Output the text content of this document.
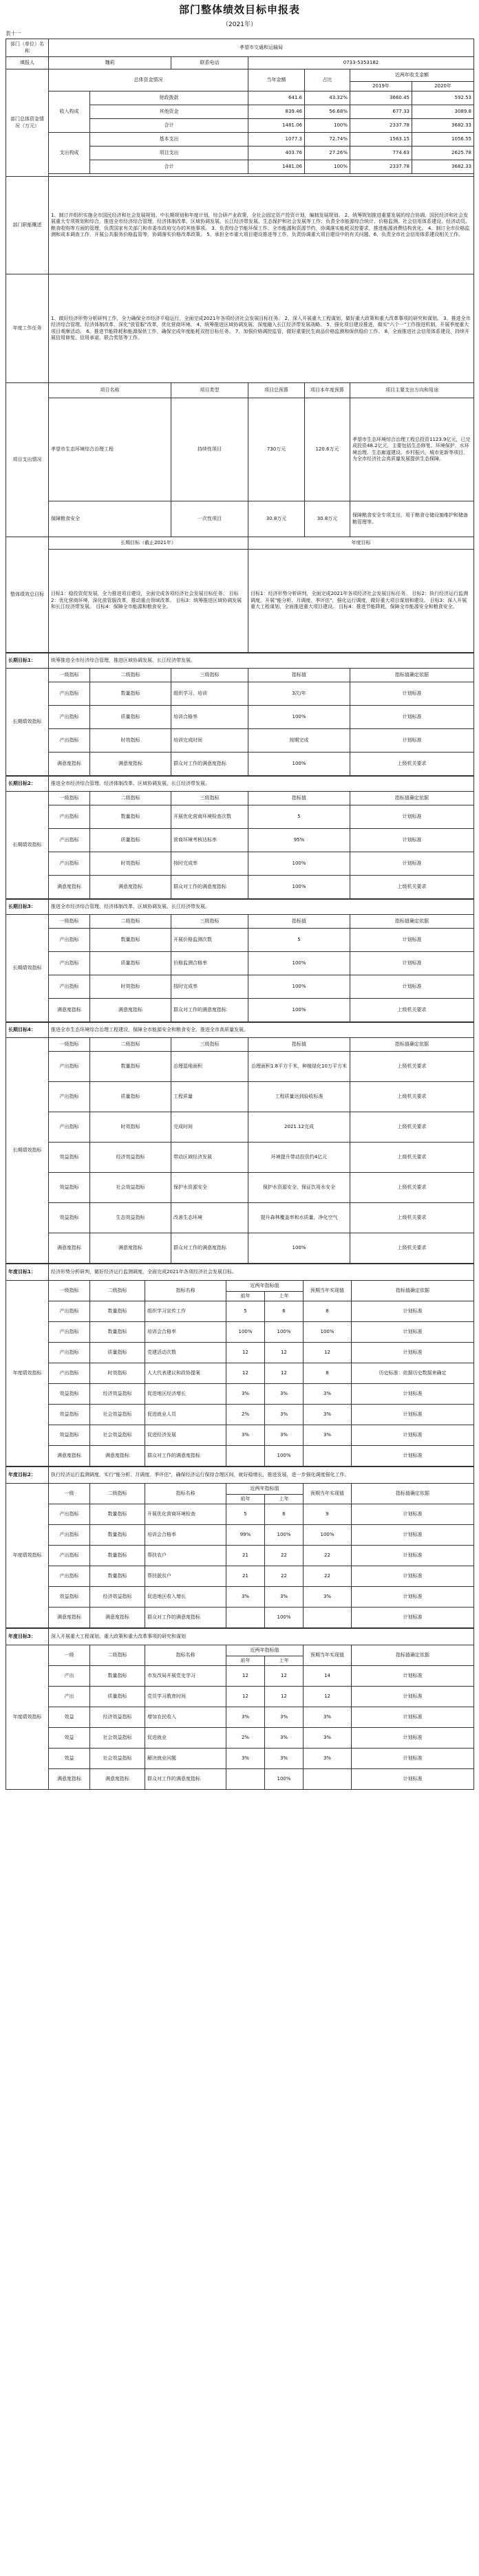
部门整体绩效目标申报表
（2021年）
表十一
部门（单位）名称	孝望市交通和运输局						
填报人	魏莉		联系电话	0733-5353182			
部门总体资金情况（万元）	总体资金情况			当年金额	占比	近两年收支金额	
						2019年	2020年
	收入构成	财政拨款		641.6	43.32%	3660.45	592.53
		其他资金		839.46	56.68%	677.33	3089.8
		合计		1481.06	100%	2337.78	3682.33
	支出构成	基本支出		1077.3	72.74%	1563.15	1056.55
		项目支出		403.76	27.26%	774.63	2625.78
		合计		1481.06	100%	2337.78	3682.33

部门职能概述	1、制订并组织实施全市国民经济和社会发展规划、中长期规划和年度计划，综合研产业政策，全社会固定资产投资计划，编制发展规划。 2、统筹规划推进重要发展的综合协调、国民经济和社会发展重大专项规划和综合，推进全市经济综合管理，经济体制改革、区域协调发展、长江经济带发展、生态保护和社会发展等工作；负责全市能源综合统计、价格监测、社会信用体系建设、经济动员、粮食收购等方面的管理，负责国家有关部门和市委市政府交办的其他事项。 3、负责综合节能环保工作、全市能源和资源节约，协调落实能耗双控要求，推进能源消费结构优化。 4、制订全市价格监测和成本调查工作，开展公共服务价格监管等，协调落实价格改革政策。 5、承担全市重大项目建设推进等工作，负责协调重大项目建设中的有关问题。6、负责全市社会信用体系建设相关工作。						
年度工作任务	1、做好经济形势分析研判工作，全力确保全市经济平稳运行，全面完成2021年各项经济社会发展目标任务。 2、深入开展重大工程谋划，做好重大政策和重大改革事项的研究和谋划。 3、推进全市经济综合管理、经济体制改革，深化"放管服"改革，优化营商环境。 4、统筹推进区域协调发展，深度融入长江经济带发展战略。 5、强化项目建设推进，做实"六个一"工作推进机制，开展季度重大项目观摩活动。 6、推进节能降耗和能源保供工作，确保完成年度能耗双控目标任务。 7、加强价格调控监管，做好重要民生商品价格监测和保供稳价工作。 8、全面推进社会信用体系建设，持续开展信用修复、信用承诺、联合奖惩等工作。						
项目支出情况	项目名称		项目类型	项目总预算	项目本年度预算	项目主要支出方向和用途	
	孝望市生态环境综合治理工程		持续性项目	730万元	120.6万元	孝望市生态环境综合治理工程总投资1123.9亿元，已完成投资48.2亿元，主要包括生态修复、环境保护、水环境治理、生态廊道建设、乡村振兴、城市更新等项目，为全市经济社会高质量发展提供生态保障。	
	保障粮食安全		一次性项目	30.8万元	30.8万元	保障粮食安全专项支出，用于粮食仓储设施维护和储备粮管理等。	
整体绩效总目标	长期目标（截止2021年）			年度目标			
	目标1：稳投资促发展，全力推进项目建设，全面完成各项经济社会发展目标任务。 目标2：优化营商环境，深化放管服改革，推动重点领域改革。 目标3：统筹推进区域协调发展和长江经济带发展。 目标4：保障全市能源和粮食安全。			目标1：经济形势分析研判，全面完成2021年各项经济社会发展目标任务。 目标2：执行经济运行监测调度，开展"能分析、月调度、季评估"，强化运行调度，做好重大项目谋划和建设。 目标3：深入开展重大工程谋划，全面推进重大项目建设。 目标4：推进节能降耗，保障全市能源安全和粮食安全。			
长期目标1：	统筹推进全市经济综合管理，推进区域协调发展、长江经济带发展。				
长期绩效指标	一级指标	二级指标	三级指标	指标值	指标值确定依据
	产出指标	数量指标	组织学习、培训	3次/年	计划标准
	产出指标	质量指标	培训合格率	100%	计划标准
	产出指标	时效指标	培训完成时间	按期完成	计划标准
	满意度指标	满意度指标	群众对工作的满意度指标	100%	上级机关要求
长期目标2：	推进全市经济综合管理、经济体制改革、区域协调发展、长江经济带发展。				
长期绩效指标	一级指标	二级指标	三级指标	指标值	指标值确定依据
	产出指标	数量指标	开展优化营商环境检查次数	5	计划标准
	产出指标	质量指标	营商环境考核达标率	95%	计划标准
	产出指标	时效指标	按时完成率	100%	计划标准
	满意度指标	满意度指标	群众对工作的满意度指标	100%	上级机关要求
长期目标3：	推进全市经济综合管理、经济体制改革、区域协调发展、长江经济带发展。				
长期绩效指标	一级指标	二级指标	三级指标	指标值	指标值确定依据
	产出指标	数量指标	开展价格监测次数	5	计划标准
	产出指标	质量指标	价格监测合格率	100%	计划标准
	产出指标	时效指标	按时完成率	100%	计划标准
	满意度指标	满意度指标	群众对工作的满意度指标	100%	上级机关要求
长期目标4：	推进全市生态环境综合治理工程建设，保障全市能源安全和粮食安全，推进全市高质量发展。				
长期绩效指标	一级指标	二级指标	三级指标	指标值	指标值确定依据
	产出指标	数量指标	治理湿地面积	治理面积1.8平方千米，种植绿化10万平方米	上级机关要求
	产出指标	质量指标	工程质量	工程质量达到验收标准	上级机关要求
	产出指标	时效指标	完成时间	2021.12完成	上级机关要求
	效益指标	经济效益指标	带动区域经济发展	环境提升带动投资约4亿元	上级机关要求
	效益指标	社会效益指标	保护水资源安全	保护水资源安全，保证饮用水安全	上级机关要求
	效益指标	生态效益指标	改善生态环境	提升森林覆盖率和水质量，净化空气	上级机关要求
	满意度指标	满意度指标	群众对工作的满意度指标	100%	上级机关要求
年度目标1：	经济形势分析研判，做好经济运行监测调度，全面完成2021年各项经济社会发展目标。						
年度绩效指标	一级指标	二级指标	指标名称	近两年指标值		预期当年实现值	指标值确定依据
				前年	上年		
	产出指标	数量指标	组织学习宣传工作	5	6	8	计划标准
	产出指标	数量指标	培训会合格率	100%	100%	100%	计划标准
	产出指标	质量指标	党建活动次数	12	12	12	计划标准
	产出指标	时效指标	人大代表建议和政协提案	12	12	8	历史标准：依据历史数据来确定
	效益指标	经济效益指标	促进地区经济增长	3%	3%	3%	计划标准
	效益指标	社会效益指标	促进就业人员	2%	3%	3%	计划标准
	效益指标	社会效益指标	促进经济发展	3%	3%	3%	计划标准
	满意度指标	满意度指标	群众对工作的满意度指标		100%		计划标准
年度目标2：	执行经济运行监测调度，实行"能分析、月调度、季评估"，确保经济运行保持合理区间，就好稳增长，推进发展，进一步强化调度强化工作。						
年度绩效指标	一级	二级指标	指标名称	近两年指标值		预期当年实现值	指标值确定依据
				前年	上年		
	产出指标	数量指标	开展优化营商环境检查	5	6	9	计划标准
	产出指标	数量指标	培训会合格率	99%	100%	100%	计划标准
	产出指标	数量指标	帮扶农户	21	22	22	计划标准
	产出指标	数量指标	帮扶脱贫户	21	22	22	计划标准
	效益指标	经济效益指标	促进地区收入增长	3%	3%	3%	计划标准
	满意度指标	满意度指标	群众对工作的满意度指标		100%		计划标准
年度目标3：	深入开展重大工程谋划、重大政策和重大改革事项的研究和谋划						
年度绩效指标	一级	二级指标	指标名称	近两年指标值		预期当年实现值	指标值确定依据
				前年	上年		
	产出	数量指标	市发改局开展党史学习	12	12	14	计划标准
	产出	质量指标	党员学习教育时间	12	12	12	计划标准
	效益	经济效益指标	增加农民收入	3%	3%	3%	计划标准
	效益	社会效益指标	促进就业	2%	3%	3%	计划标准
	效益	社会效益指标	解决就业问题	3%	3%	3%	计划标准
	满意度指标	满意度指标	群众对工作的满意度指标		100%		计划标准
